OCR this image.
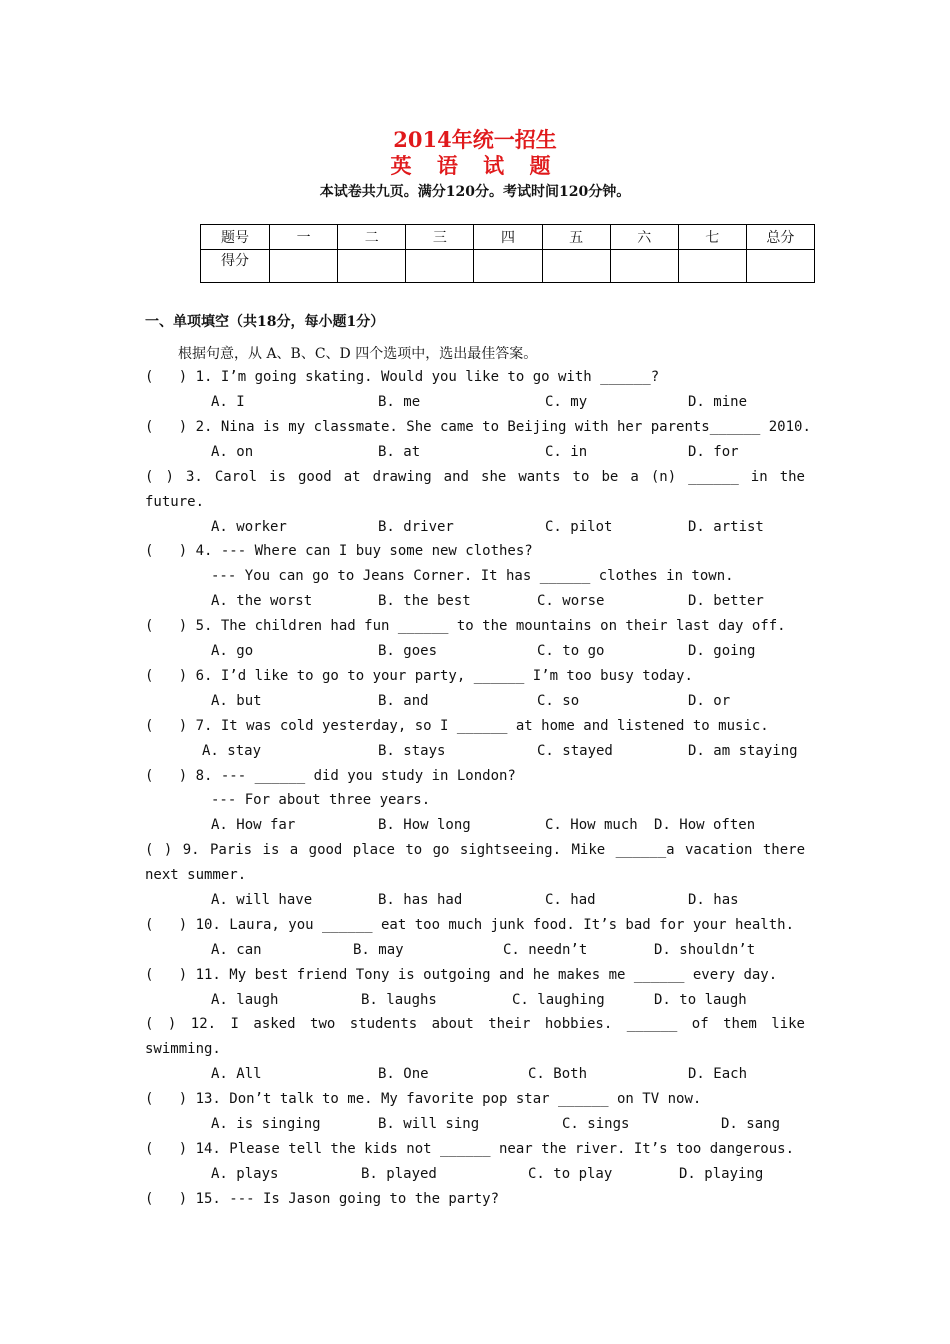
2014年统一招生
英 语 试 题
本试卷共九页。满分120分。考试时间120分钟。
题号	一	二	三	四	五	六	七	总分
得分								
一、单项填空（共18分，每小题1分）
根据句意，从 A、B、C、D 四个选项中，选出最佳答案。
(   ) 1. I’m going skating. Would you like to go with ______?
A. I	B. me	C. my	D. mine
(   ) 2. Nina is my classmate. She came to Beijing with her parents______ 2010.
A. on	B. at	C. in	D. for
( ) 3. Carol is good at drawing and she wants to be a (n) ______ in the
future.
A. worker	B. driver	C. pilot	D. artist
(   ) 4. --- Where can I buy some new clothes?
--- You can go to Jeans Corner. It has ______ clothes in town.
A. the worst	B. the best	C. worse	D. better
(   ) 5. The children had fun ______ to the mountains on their last day off.
A. go	B. goes	C. to go	D. going
(   ) 6. I’d like to go to your party, ______ I’m too busy today.
A. but	B. and	C. so	D. or
(   ) 7. It was cold yesterday, so I ______ at home and listened to music.
A. stay	B. stays	C. stayed	D. am staying
(   ) 8. --- ______ did you study in London?
--- For about three years.
A. How far	B. How long	C. How much D. How often
( ) 9. Paris is a good place to go sightseeing. Mike ______a vacation there
next summer.
A. will have	B. has had	C. had	D. has
(   ) 10. Laura, you ______ eat too much junk food. It’s bad for your health.
A. can	B. may	C. needn’t	D. shouldn’t
(   ) 11. My best friend Tony is outgoing and he makes me ______ every day.
A. laugh	B. laughs	C. laughing	D. to laugh
( ) 12. I asked two students about their hobbies. ______ of them like
swimming.
A. All	B. One	C. Both	D. Each
(   ) 13. Don’t talk to me. My favorite pop star ______ on TV now.
A. is singing	B. will sing	C. sings	D. sang
(   ) 14. Please tell the kids not ______ near the river. It’s too dangerous.
A. plays	B. played	C. to play	D. playing
(   ) 15. --- Is Jason going to the party?
